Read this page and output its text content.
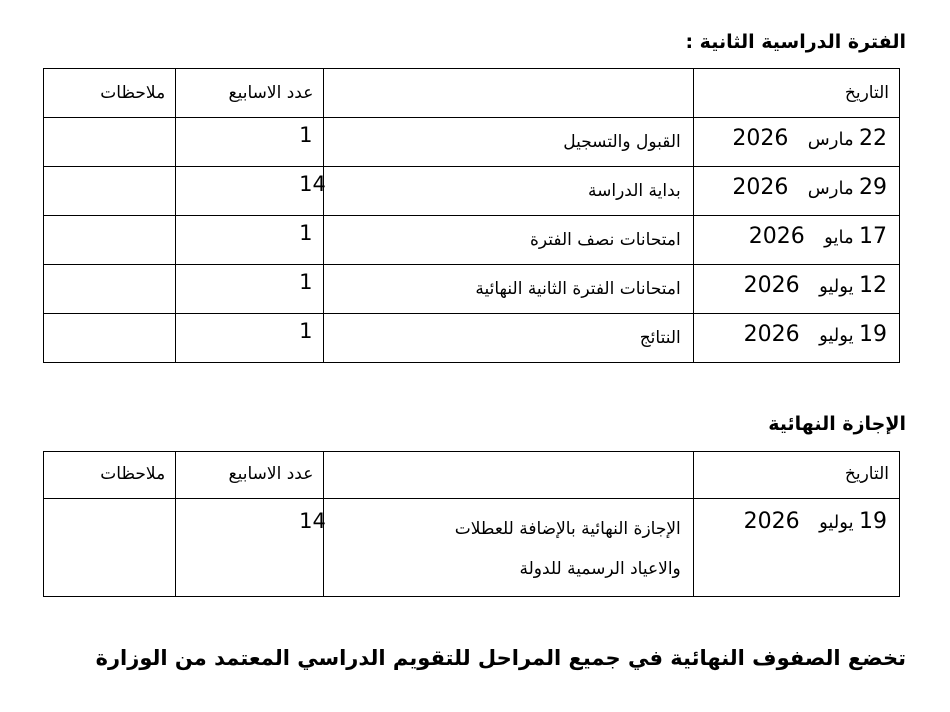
الفترة الدراسية الثانية :
التاريخ		عدد الاسابيع	ملاحظات
22 مارس 2026	القبول والتسجيل	1	
29 مارس 2026	بداية الدراسة	14	
17 مايو 2026	امتحانات نصف الفترة	1	
12 يوليو 2026	امتحانات الفترة الثانية النهائية	1	
19 يوليو 2026	النتائج	1	
الإجازة النهائية
التاريخ		عدد الاسابيع	ملاحظات
19 يوليو 2026	الإجازة النهائية بالإضافة للعطلات
والاعياد الرسمية للدولة	14	
تخضع الصفوف النهائية في جميع المراحل للتقويم الدراسي المعتمد من الوزارة
